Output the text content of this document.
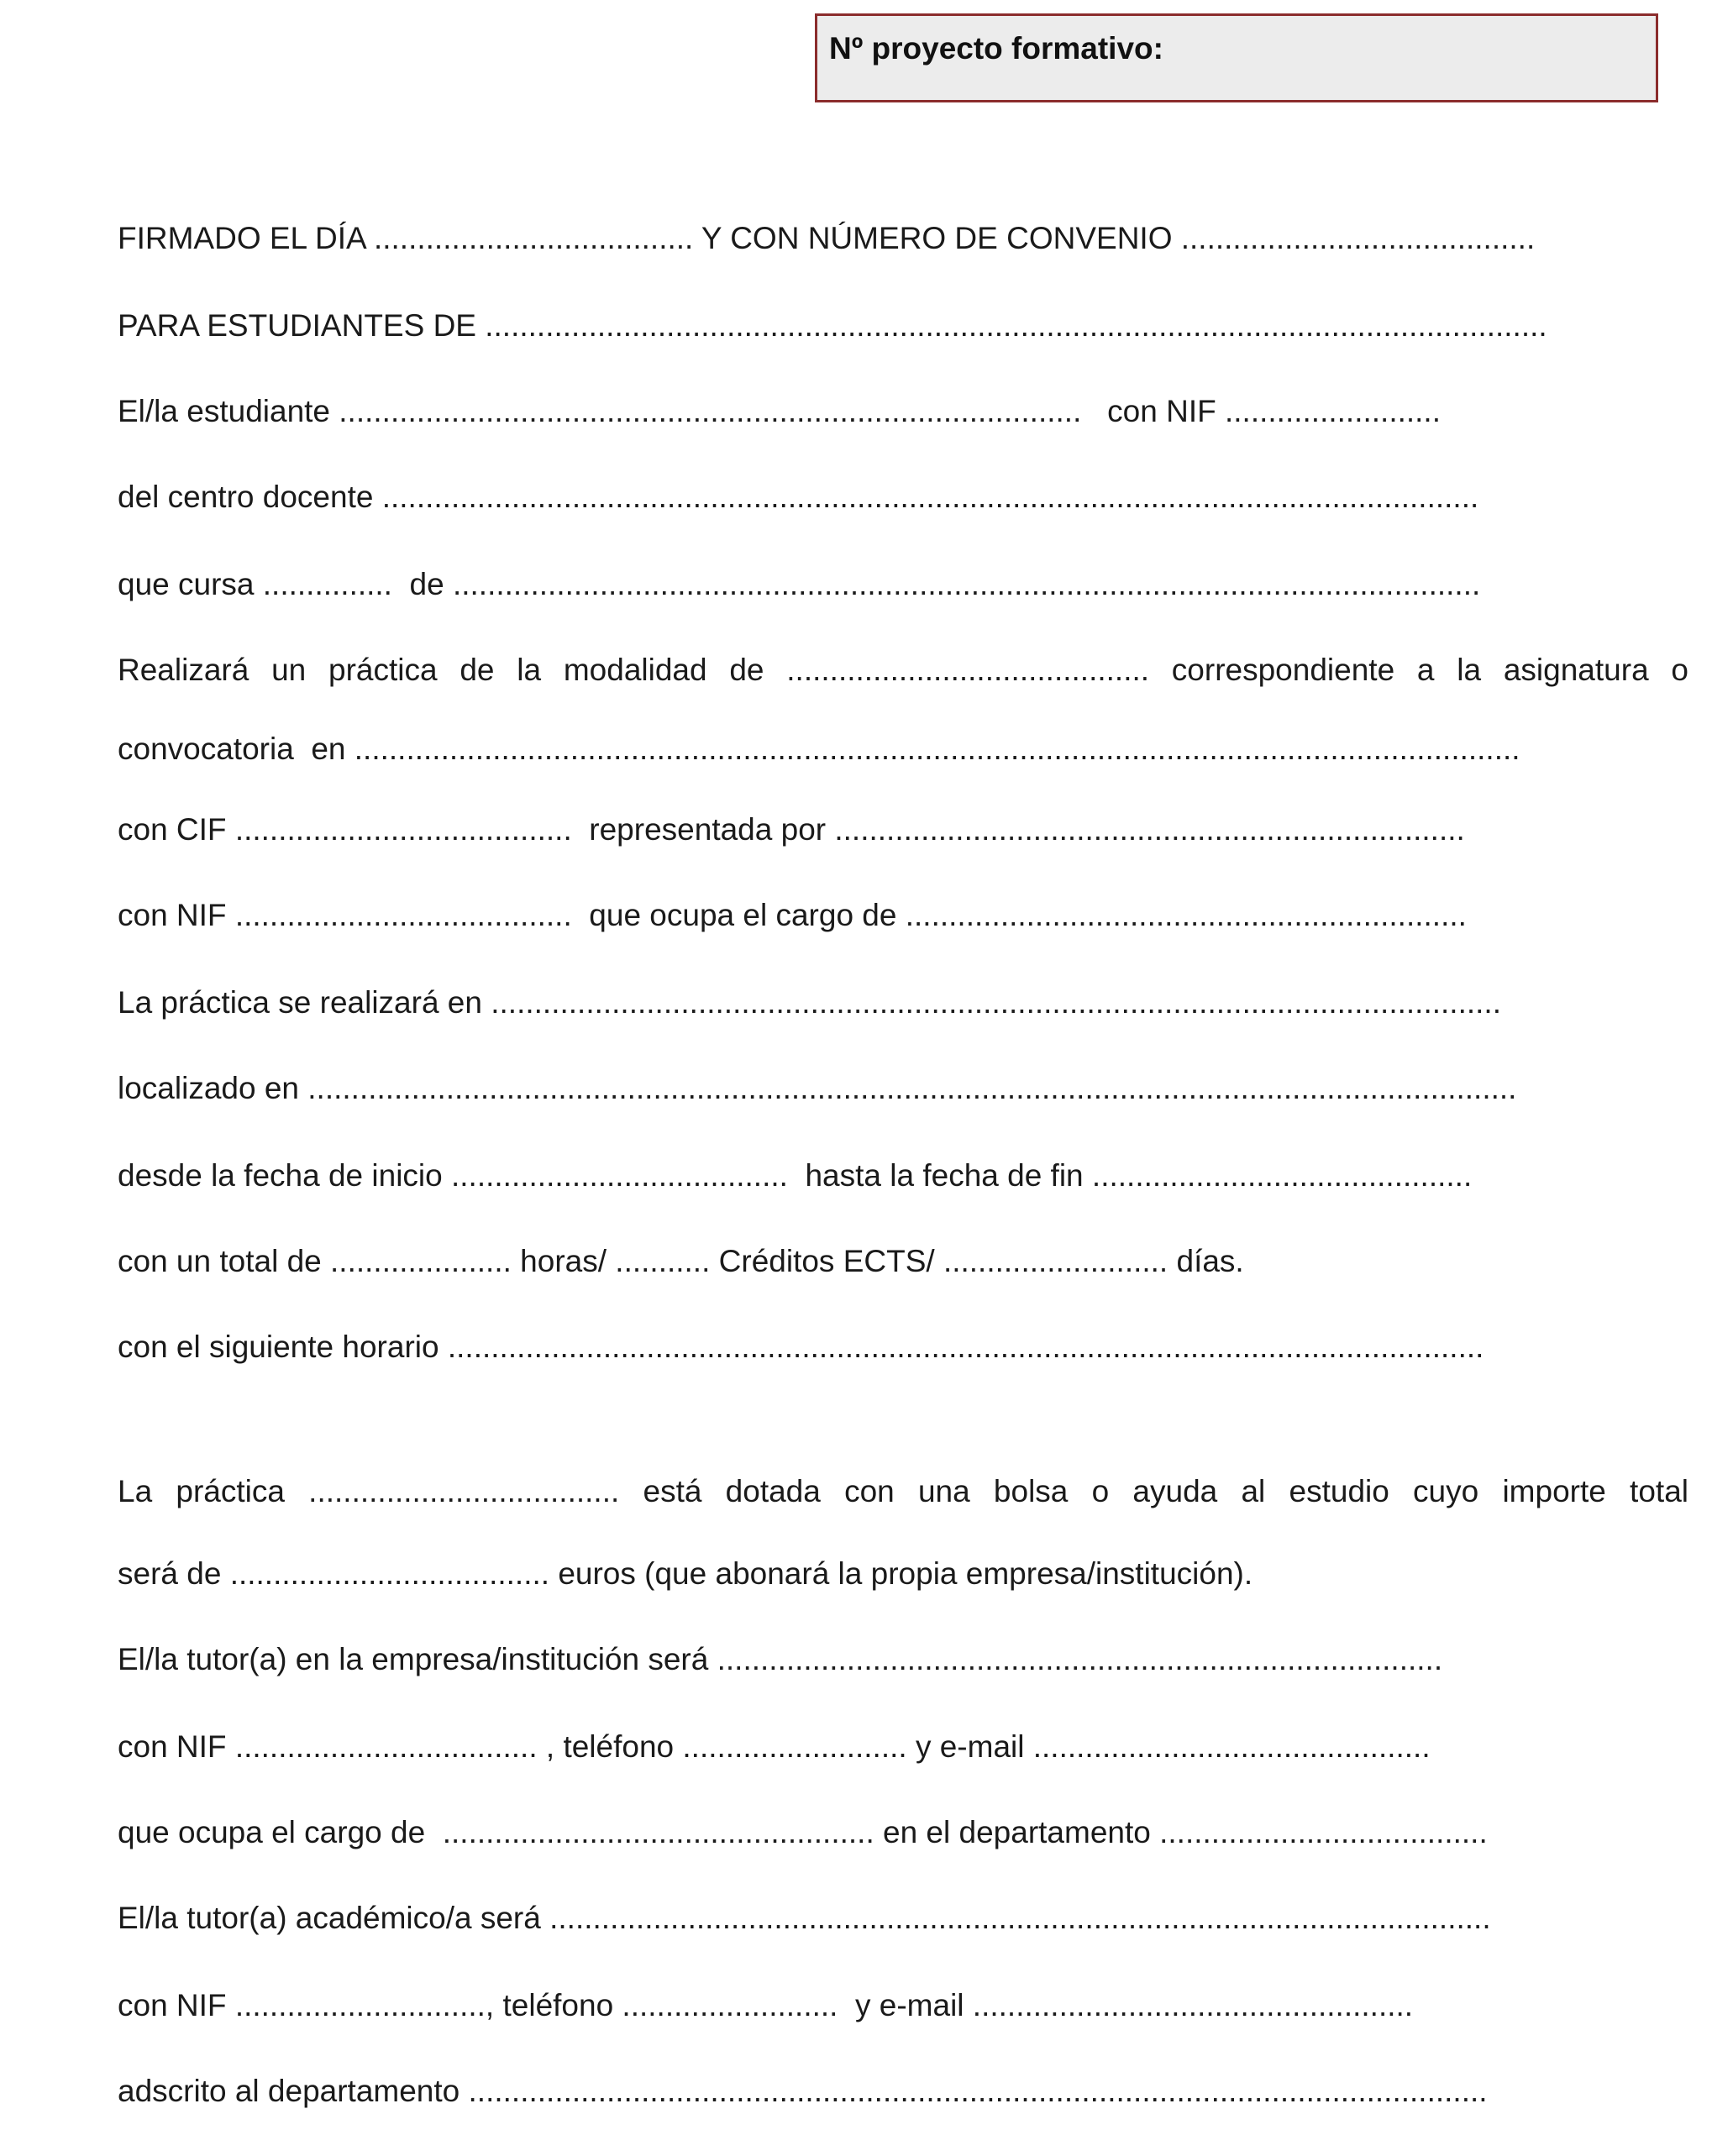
Nº proyecto formativo:
FIRMADO EL DÍA ..................................... Y CON NÚMERO DE CONVENIO .........................................
PARA ESTUDIANTES DE ...........................................................................................................................
El/la estudiante ......................................................................................   con NIF .........................
del centro docente ...............................................................................................................................
que cursa ...............  de .......................................................................................................................
Realizará un práctica de la modalidad de .......................................... correspondiente a la asignatura o
convocatoria  en .......................................................................................................................................
con CIF .......................................  representada por .........................................................................
con NIF .......................................  que ocupa el cargo de .................................................................
La práctica se realizará en .....................................................................................................................
localizado en ............................................................................................................................................
desde la fecha de inicio .......................................  hasta la fecha de fin ............................................
con un total de ..................... horas/ ........... Créditos ECTS/ .......................... días.
con el siguiente horario ........................................................................................................................
La práctica .................................... está dotada con una bolsa o ayuda al estudio cuyo importe total
será de ..................................... euros (que abonará la propia empresa/institución).
El/la tutor(a) en la empresa/institución será ....................................................................................
con NIF ................................... , teléfono .......................... y e-mail ..............................................
que ocupa el cargo de  .................................................. en el departamento ......................................
El/la tutor(a) académico/a será .............................................................................................................
con NIF ............................., teléfono .........................  y e-mail ...................................................
adscrito al departamento ......................................................................................................................
